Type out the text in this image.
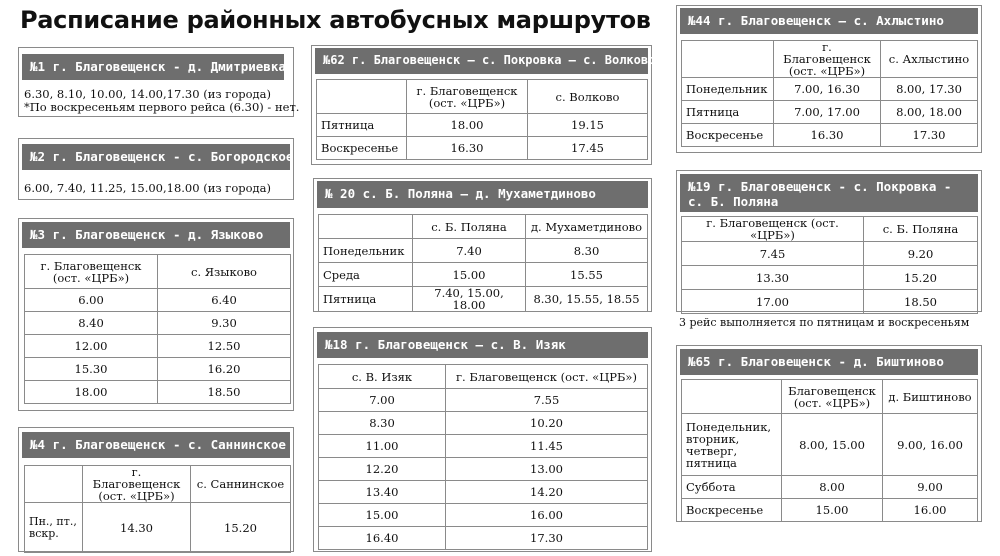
Расписание районных автобусных маршрутов
№1 г. Благовещенск - д. Дмитриевка
6.30, 8.10, 10.00, 14.00,17.30 (из города)
*По воскресеньям первого рейса (6.30) - нет.
№2 г. Благовещенск - с. Богородское
6.00, 7.40, 11.25, 15.00,18.00 (из города)
№3 г. Благовещенск - д. Языково
г. Благовещенск (ост. «ЦРБ»)	с. Языково
6.00	6.40
8.40	9.30
12.00	12.50
15.30	16.20
18.00	18.50
№4 г. Благовещенск - с. Саннинское
	г. Благовещенск (ост. «ЦРБ»)	с. Саннинское
Пн., пт., вскр.	14.30	15.20
№62 г. Благовещенск – с. Покровка – с. Волково
	г. Благовещенск (ост. «ЦРБ»)	с. Волково
Пятница	18.00	19.15
Воскресенье	16.30	17.45
№ 20 с. Б. Поляна – д. Мухаметдиново
	с. Б. Поляна	д. Мухаметдиново
Понедельник	7.40	8.30
Среда	15.00	15.55
Пятница	7.40, 15.00, 18.00	8.30, 15.55, 18.55
№18 г. Благовещенск – с. В. Изяк
с. В. Изяк	г. Благовещенск (ост. «ЦРБ»)
7.00	7.55
8.30	10.20
11.00	11.45
12.20	13.00
13.40	14.20
15.00	16.00
16.40	17.30
№44 г. Благовещенск – с. Ахлыстино
	г. Благовещенск (ост. «ЦРБ»)	с. Ахлыстино
Понедельник	7.00, 16.30	8.00, 17.30
Пятница	7.00, 17.00	8.00, 18.00
Воскресенье	16.30	17.30
№19 г. Благовещенск - с. Покровка - с. Б. Поляна
г. Благовещенск (ост. «ЦРБ»)	с. Б. Поляна
7.45	9.20
13.30	15.20
17.00	18.50
3 рейс выполняется по пятницам и воскресеньям
№65 г. Благовещенск - д. Биштиново
	Благовещенск (ост. «ЦРБ»)	д. Биштиново
Понедельник, вторник, четверг, пятница	8.00, 15.00	9.00, 16.00
Суббота	8.00	9.00
Воскресенье	15.00	16.00
